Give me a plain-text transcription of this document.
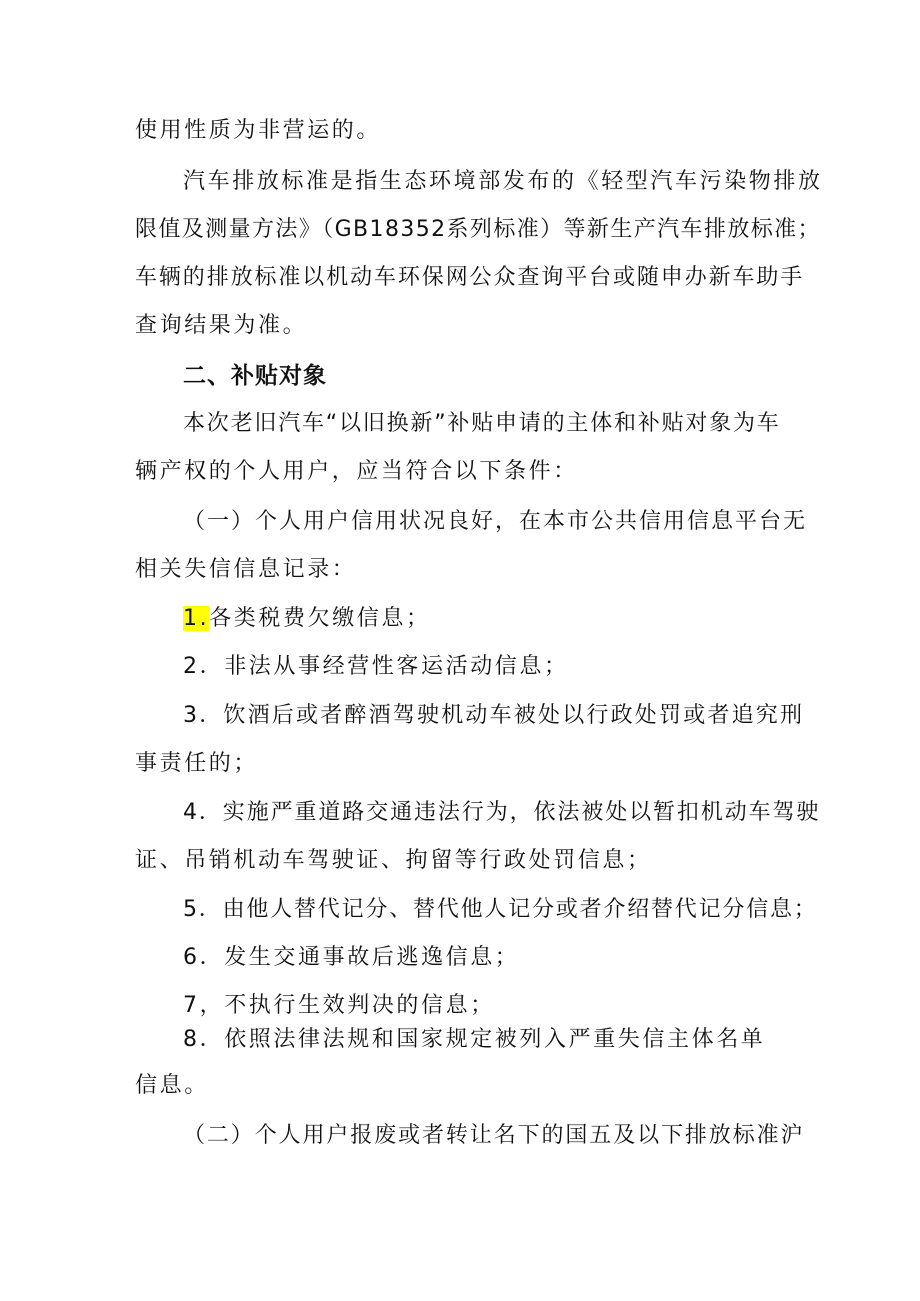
使用性质为非营运的。
汽车排放标准是指生态环境部发布的《轻型汽车污染物排放
限值及测量方法》（GB18352系列标准）等新生产汽车排放标准；
车辆的排放标准以机动车环保网公众查询平台或随申办新车助手
查询结果为准。
二、补贴对象
本次老旧汽车“以旧换新”补贴申请的主体和补贴对象为车
辆产权的个人用户，应当符合以下条件：
（一）个人用户信用状况良好，在本市公共信用信息平台无
相关失信信息记录：
1.各类税费欠缴信息；
2．非法从事经营性客运活动信息；
3．饮酒后或者醉酒驾驶机动车被处以行政处罚或者追究刑
事责任的；
4．实施严重道路交通违法行为，依法被处以暂扣机动车驾驶
证、吊销机动车驾驶证、拘留等行政处罚信息；
5．由他人替代记分、替代他人记分或者介绍替代记分信息；
6．发生交通事故后逃逸信息；
7，不执行生效判决的信息；
8．依照法律法规和国家规定被列入严重失信主体名单
信息。
（二）个人用户报废或者转让名下的国五及以下排放标准沪
